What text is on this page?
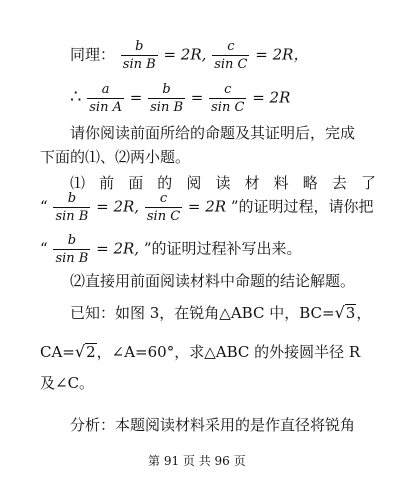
同理： $\frac{b}{\text{sin B}} = 2R$, $\frac{c}{\text{sin C}} = 2R$，
∴ $\frac{a}{\text{sin A}} = \frac{b}{\text{sin B}} = \frac{c}{\text{sin C}} = 2R$
请你阅读前面所给的命题及其证明后，完成
下面的⑴、⑵两小题。
⑴ 前 面 的 阅 读 材 料 略 去 了
“ $\frac{b}{\text{sin B}} = 2R$, $\frac{c}{\text{sin C}} = 2R$ ”的证明过程，请你把
“ $\frac{b}{\text{sin B}} = 2R$, ”的证明过程补写出来。
⑵直接用前面阅读材料中命题的结论解题。
已知：如图 3，在锐角△ABC 中，BC= √ 3 ，
CA= √ 2 ，∠A=60°，求△ABC 的外接圆半径 R
及∠C。
分析：本题阅读材料采用的是作直径将锐角
第 91 页 共 96 页
